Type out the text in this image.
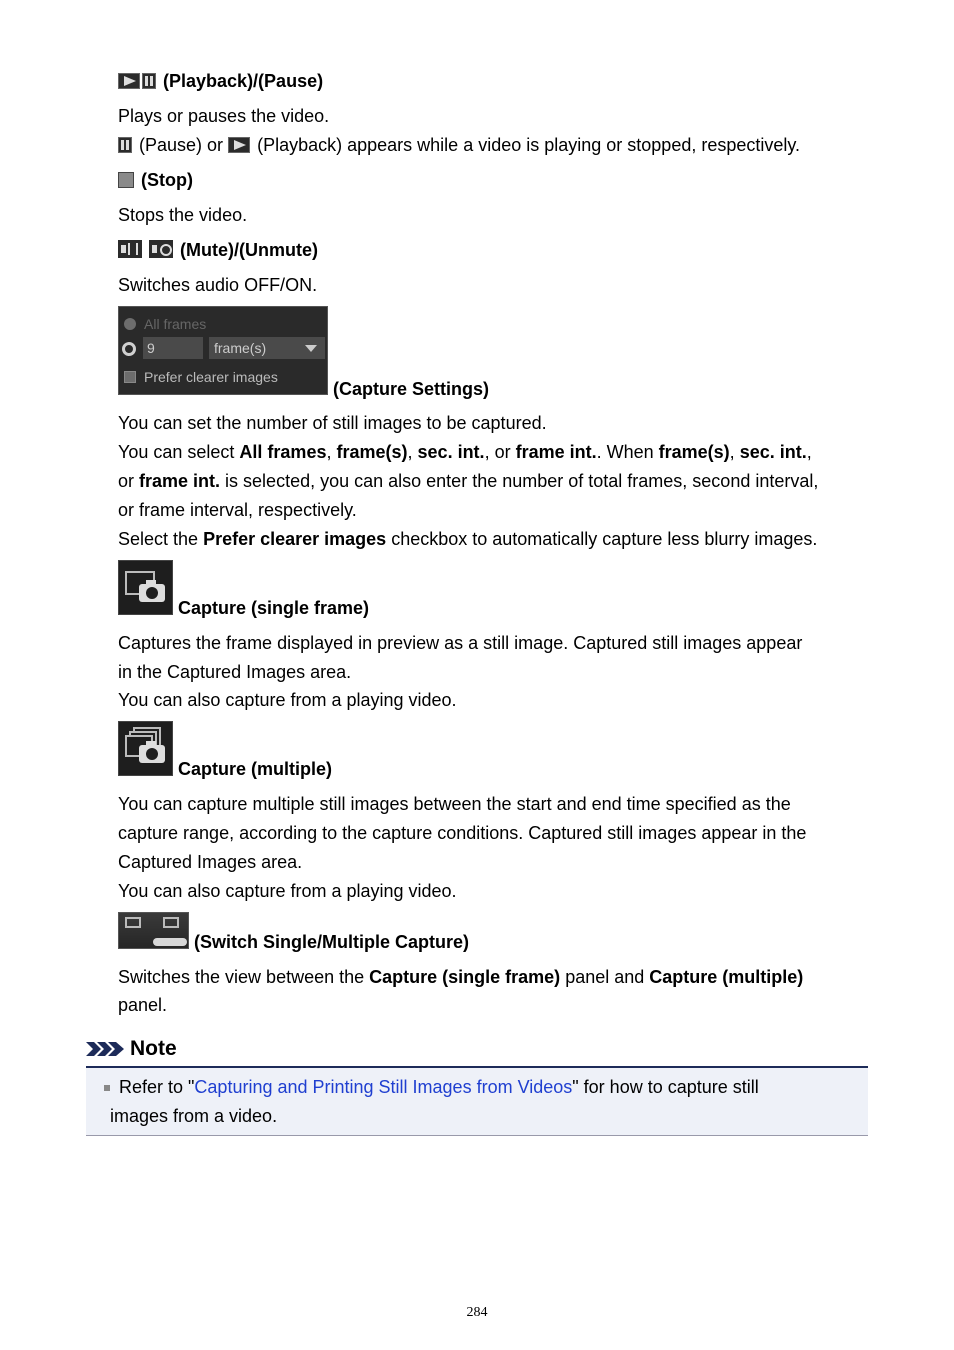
(Playback)/(Pause)
Plays or pauses the video.
(Pause) or (Playback) appears while a video is playing or stopped, respectively.
(Stop)
Stops the video.
(Mute)/(Unmute)
Switches audio OFF/ON.
All frames
9	frame(s)
Prefer clearer images
(Capture Settings)
You can set the number of still images to be captured.
You can select All frames, frame(s), sec. int., or frame int.. When frame(s), sec. int.,
or frame int. is selected, you can also enter the number of total frames, second interval,
or frame interval, respectively.
Select the Prefer clearer images checkbox to automatically capture less blurry images.
Capture (single frame)
Captures the frame displayed in preview as a still image. Captured still images appear
in the Captured Images area.
You can also capture from a playing video.
Capture (multiple)
You can capture multiple still images between the start and end time specified as the
capture range, according to the capture conditions. Captured still images appear in the
Captured Images area.
You can also capture from a playing video.
(Switch Single/Multiple Capture)
Switches the view between the Capture (single frame) panel and Capture (multiple)
panel.
Note
Refer to "Capturing and Printing Still Images from Videos" for how to capture still
images from a video.
284
